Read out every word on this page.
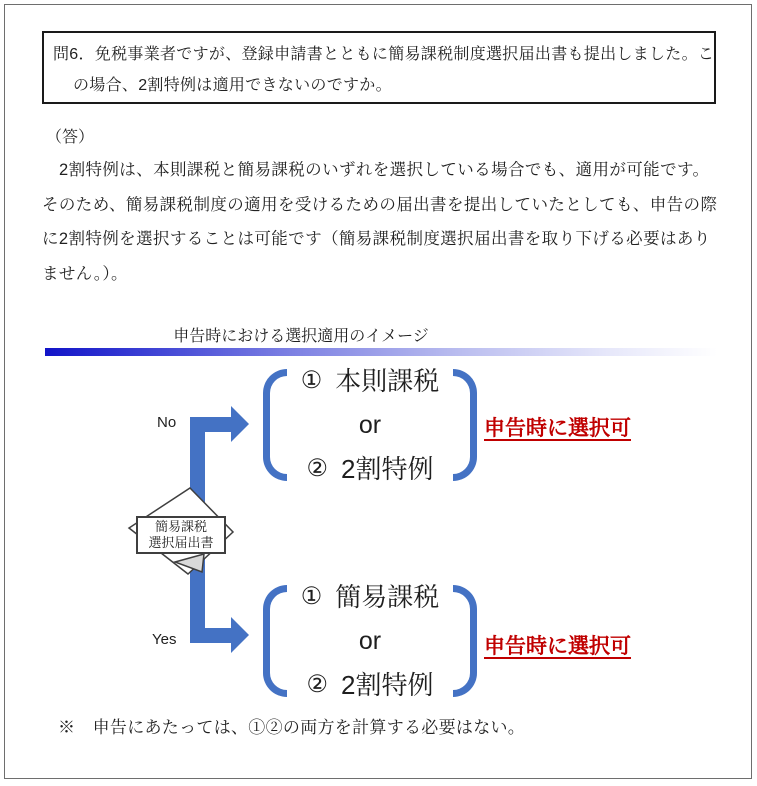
問6．免税事業者ですが、登録申請書とともに簡易課税制度選択届出書も提出しました。こ
の場合、2割特例は適用できないのですか。
（答）
2割特例は、本則課税と簡易課税のいずれを選択している場合でも、適用が可能です。
そのため、簡易課税制度の適用を受けるための届出書を提出していたとしても、申告の際
に2割特例を選択することは可能です（簡易課税制度選択届出書を取り下げる必要はあり
ません。）。
申告時における選択適用のイメージ
No
Yes
簡易課税
選択届出書
① 本則課税
or
② 2割特例
申告時に選択可
① 簡易課税
or
② 2割特例
申告時に選択可
※　申告にあたっては、①②の両方を計算する必要はない。
